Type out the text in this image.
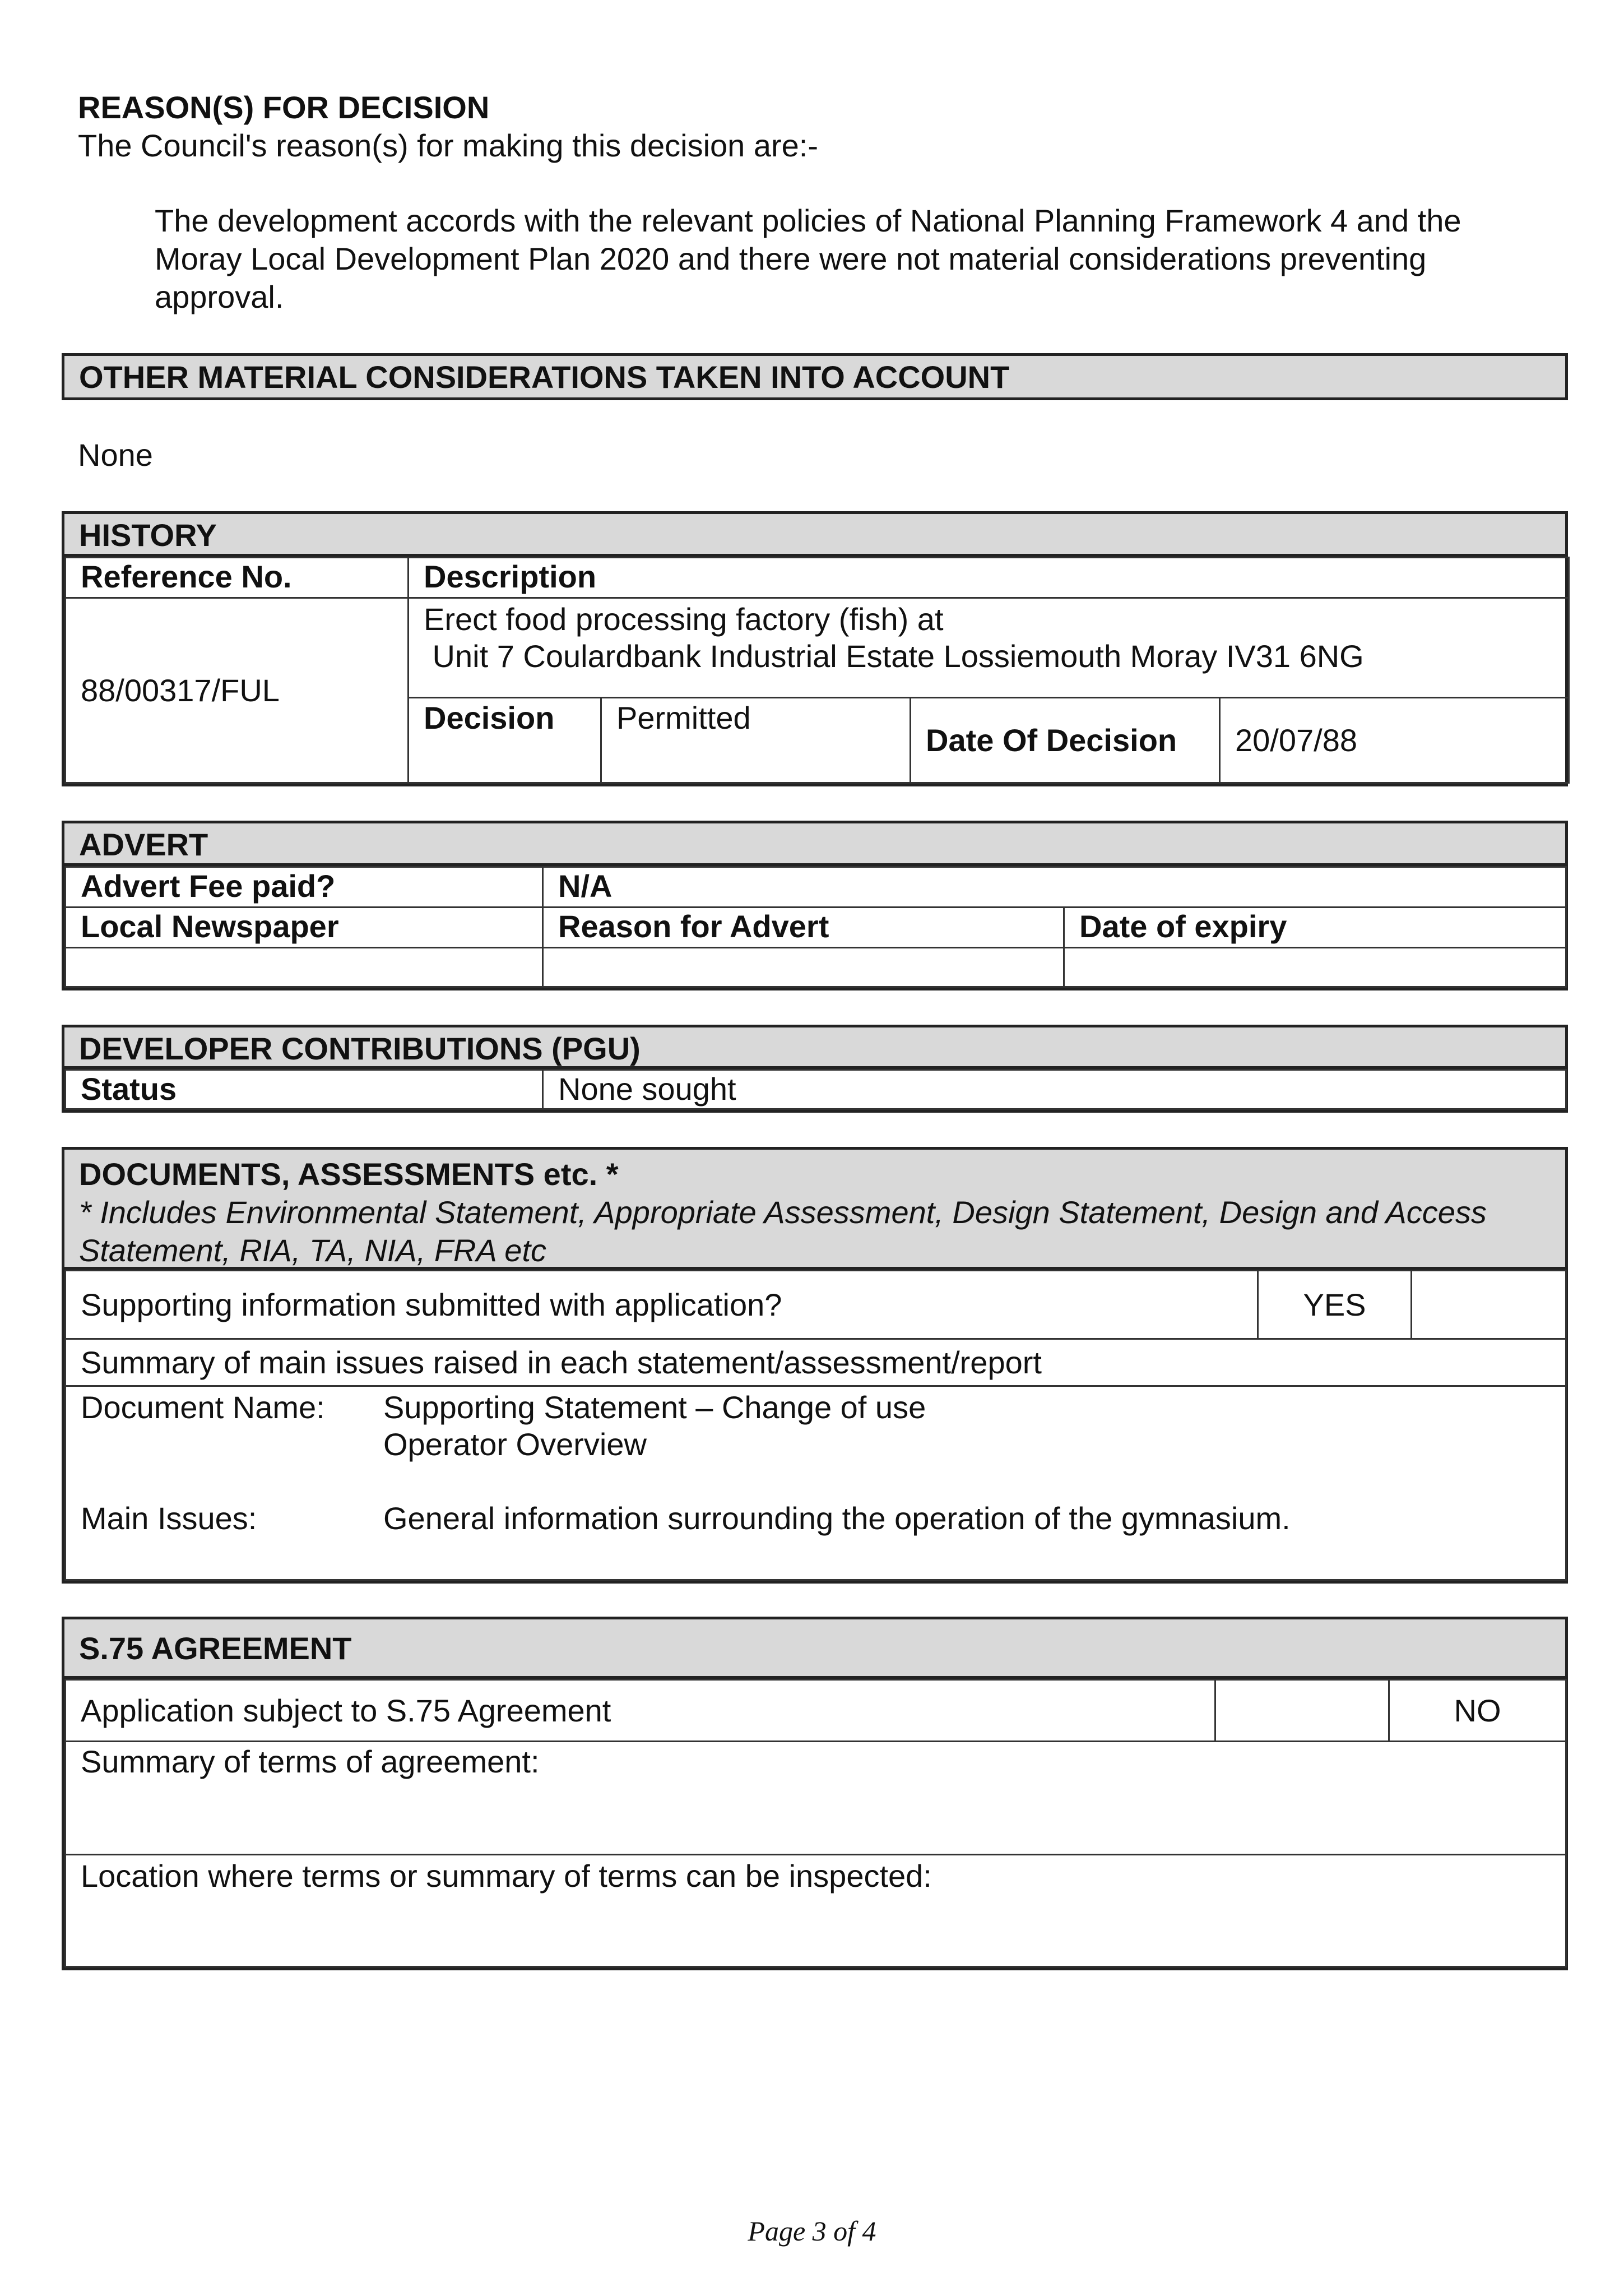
REASON(S) FOR DECISION
The Council's reason(s) for making this decision are:-
The development accords with the relevant policies of National Planning Framework 4 and the
Moray Local Development Plan 2020 and there were not material considerations preventing
approval.
OTHER MATERIAL CONSIDERATIONS TAKEN INTO ACCOUNT
None
HISTORY
Reference No.	Description			
88/00317/FUL	Erect food processing factory (fish) at
Unit 7 Coulardbank Industrial Estate Lossiemouth Moray IV31 6NG			

	Decision	Permitted	Date Of Decision	20/07/88
ADVERT
Advert Fee paid?	N/A	
Local Newspaper	Reason for Advert	Date of expiry

DEVELOPER CONTRIBUTIONS (PGU)
Status	None sought
DOCUMENTS, ASSESSMENTS etc. *
* Includes Environmental Statement, Appropriate Assessment, Design Statement, Design and Access
Statement, RIA, TA, NIA, FRA etc
Supporting information submitted with application?	YES	
Summary of main issues raised in each statement/assessment/report

Document Name:	Supporting Statement – Change of use
Operator Overview
Main Issues:	General information surrounding the operation of the gymnasium.
S.75 AGREEMENT
Application subject to S.75 Agreement		NO
Summary of terms of agreement:
Location where terms or summary of terms can be inspected:
Page 3 of 4
